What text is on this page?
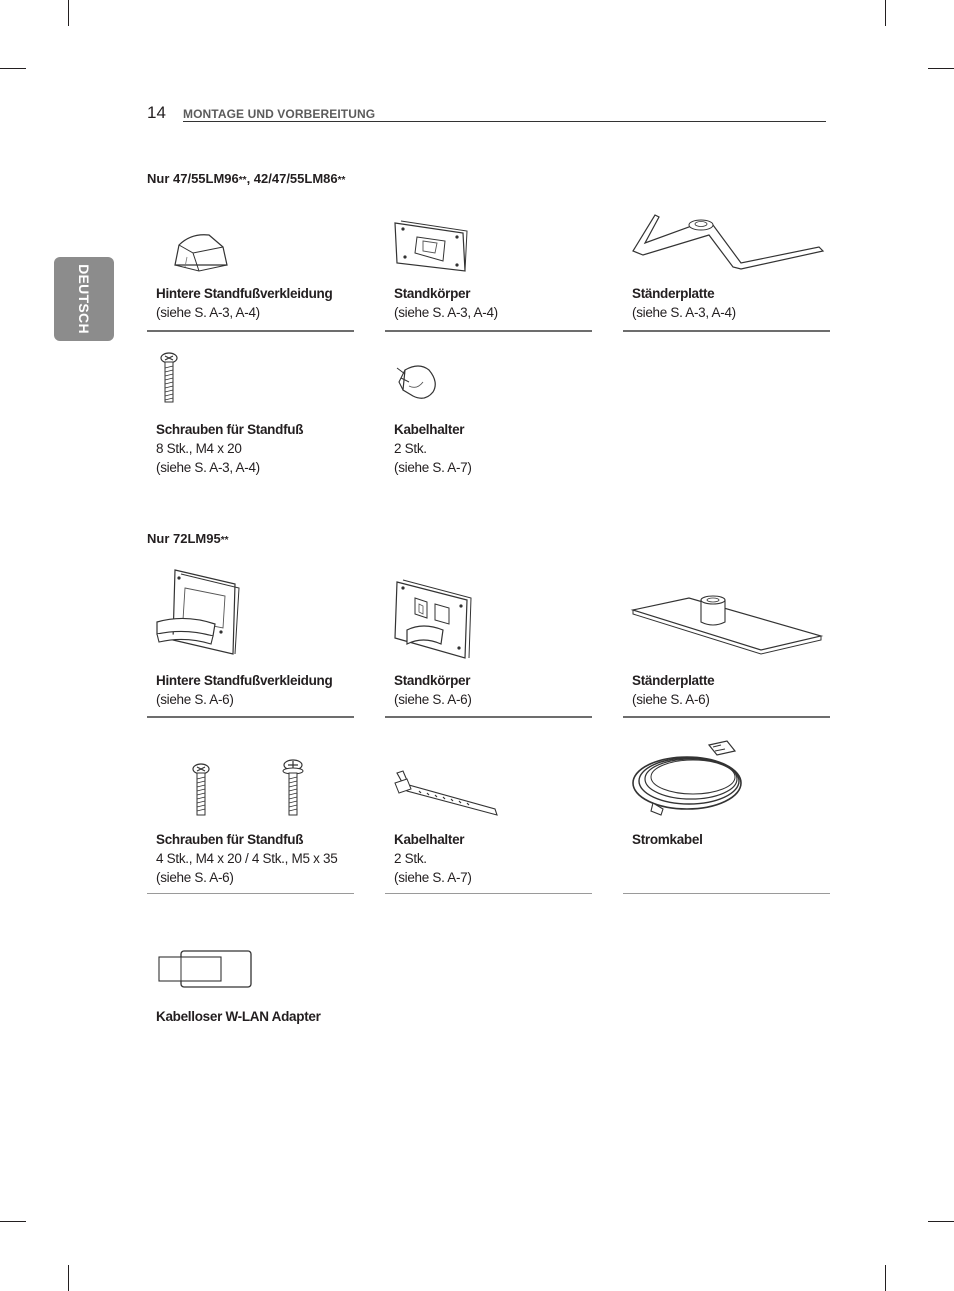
14 MONTAGE UND VORBEREITUNG
DEUTSCH
Nur 47/55LM96**, 42/47/55LM86**
Hintere Standfußverkleidung
(siehe S. A-3, A-4)
Standkörper
(siehe S. A-3, A-4)
Ständerplatte
(siehe S. A-3, A-4)
Schrauben für Standfuß
8 Stk., M4 x 20
(siehe S. A-3, A-4)
Kabelhalter
2 Stk.
(siehe S. A-7)
Nur 72LM95**
Hintere Standfußverkleidung
(siehe S. A-6)
Standkörper
(siehe S. A-6)
Ständerplatte
(siehe S. A-6)
Schrauben für Standfuß
4 Stk., M4 x 20 / 4 Stk., M5 x 35
(siehe S. A-6)
Kabelhalter
2 Stk.
(siehe S. A-7)
Stromkabel
Kabelloser W-LAN Adapter
